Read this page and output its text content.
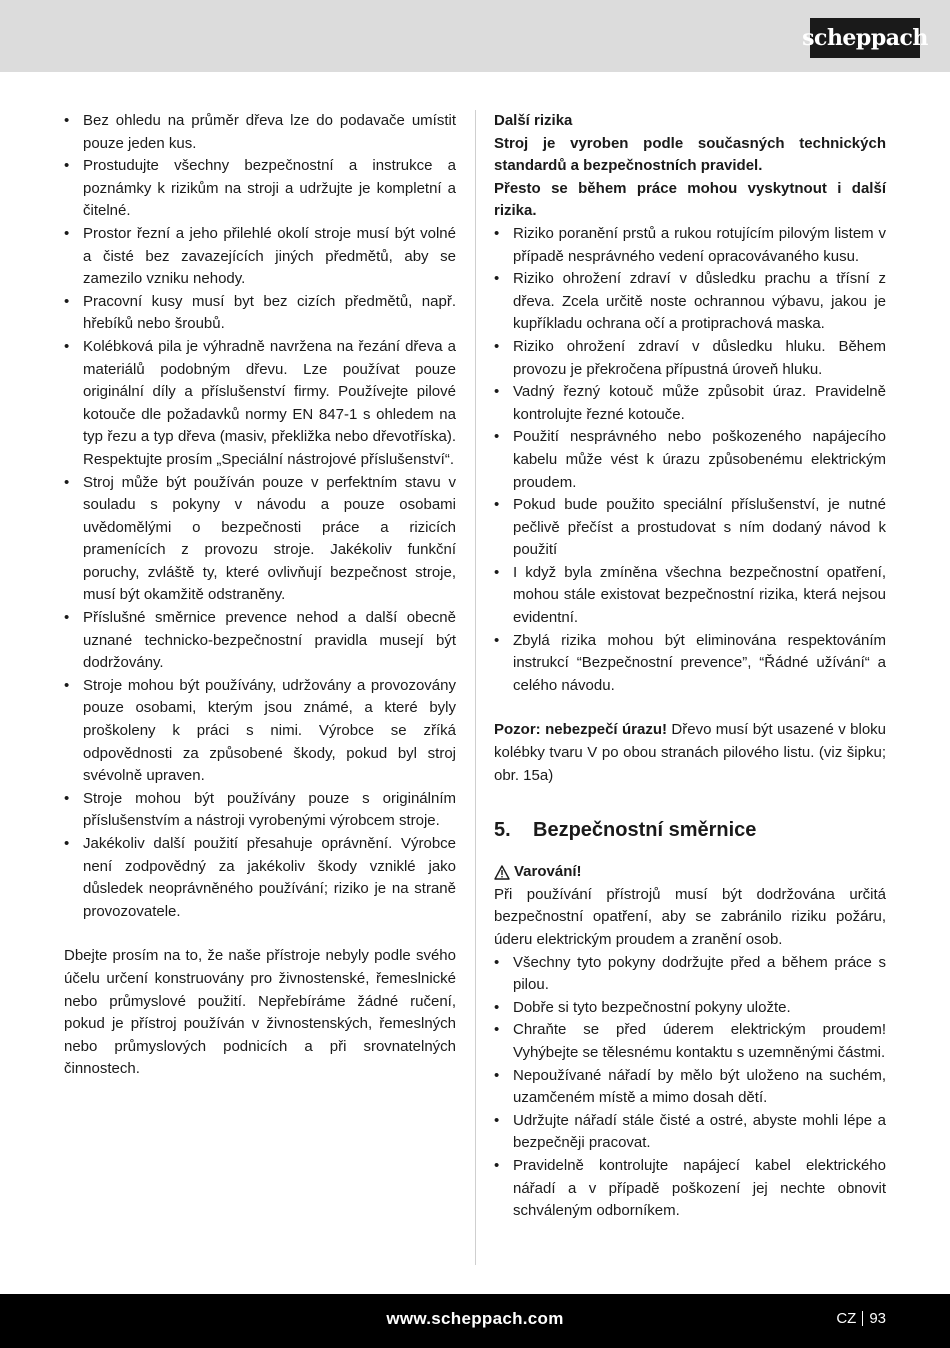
scheppach
• Bez ohledu na průměr dřeva lze do podavače umístit pouze jeden kus.
• Prostudujte všechny bezpečnostní a instrukce a poznámky k rizikům na stroji a udržujte je kompletní a čitelné.
• Prostor řezní a jeho přilehlé okolí stroje musí být volné a čisté bez zavazejících jiných předmětů, aby se zamezilo vzniku nehody.
• Pracovní kusy musí byt bez cizích předmětů, např. hřebíků nebo šroubů.
• Kolébková pila je výhradně navržena na řezání dřeva a materiálů podobným dřevu. Lze používat pouze originální díly a příslušenství firmy. Používejte pilové kotouče dle požadavků normy EN 847-1 s ohledem na typ řezu a typ dřeva (masiv, překližka nebo dřevotříska). Respektujte prosím „Speciální nástrojové příslušenství“.
• Stroj může být používán pouze v perfektním stavu v souladu s pokyny v návodu a pouze osobami uvědomělými o bezpečnosti práce a rizicích pramenících z provozu stroje. Jakékoliv funkční poruchy, zvláště ty, které ovlivňují bezpečnost stroje, musí být okamžitě odstraněny.
• Příslušné směrnice prevence nehod a další obecně uznané technicko-bezpečnostní pravidla musejí být dodržovány.
• Stroje mohou být používány, udržovány a provozovány pouze osobami, kterým jsou známé, a které byly proškoleny k práci s nimi. Výrobce se zříká odpovědnosti za způsobené škody, pokud byl stroj svévolně upraven.
• Stroje mohou být používány pouze s originálním příslušenstvím a nástroji vyrobenými výrobcem stroje.
• Jakékoliv další použití přesahuje oprávnění. Výrobce není zodpovědný za jakékoliv škody vzniklé jako důsledek neoprávněného používání; riziko je na straně provozovatele.

Dbejte prosím na to, že naše přístroje nebyly podle svého účelu určení konstruovány pro živnostenské, řemeslnické nebo průmyslové použití. Nepřebíráme žádné ručení, pokud je přístroj používán v živnostenských, řemeslných nebo průmyslových podnicích a při srovnatelných činnostech.

Další rizika

Stroj je vyroben podle současných technických standardů a bezpečnostních pravidel.

Přesto se během práce mohou vyskytnout i další rizika.

• Riziko poranění prstů a rukou rotujícím pilovým listem v případě nesprávného vedení opracovávaného kusu.
• Riziko ohrožení zdraví v důsledku prachu a třísní z dřeva. Zcela určitě noste ochrannou výbavu, jakou je kupříkladu ochrana očí a protiprachová maska.
• Riziko ohrožení zdraví v důsledku hluku. Během provozu je překročena přípustná úroveň hluku.
• Vadný řezný kotouč může způsobit úraz. Pravidelně kontrolujte řezné kotouče.
• Použití nesprávného nebo poškozeného napájecího kabelu může vést k úrazu způsobenému elektrickým proudem.
• Pokud bude použito speciální příslušenství, je nutné pečlivě přečíst a prostudovat s ním dodaný návod k použití
• I když byla zmíněna všechna bezpečnostní opatření, mohou stále existovat bezpečnostní rizika, která nejsou evidentní.
• Zbylá rizika mohou být eliminována respektováním instrukcí “Bezpečnostní prevence”, “Řádné užívání“ a celého návodu.

Pozor: nebezpečí úrazu! Dřevo musí být usazené v bloku kolébky tvaru V po obou stranách pilového listu. (viz šipku; obr. 15a)

5.	Bezpečnostní směrnice
Varování!

Při používání přístrojů musí být dodržována určitá bezpečnostní opatření, aby se zabránilo riziku požáru, úderu elektrickým proudem a zranění osob.

• Všechny tyto pokyny dodržujte před a během práce s pilou.
• Dobře si tyto bezpečnostní pokyny uložte.
• Chraňte se před úderem elektrickým proudem! Vyhýbejte se tělesnému kontaktu s uzemněnými částmi.
• Nepoužívané nářadí by mělo být uloženo na suchém, uzamčeném místě a mimo dosah dětí.
• Udržujte nářadí stále čisté a ostré, abyste mohli lépe a bezpečněji pracovat.
• Pravidelně kontrolujte napájecí kabel elektrického nářadí a v případě poškození jej nechte obnovit schváleným odborníkem.
www.scheppach.com	CZ 93
